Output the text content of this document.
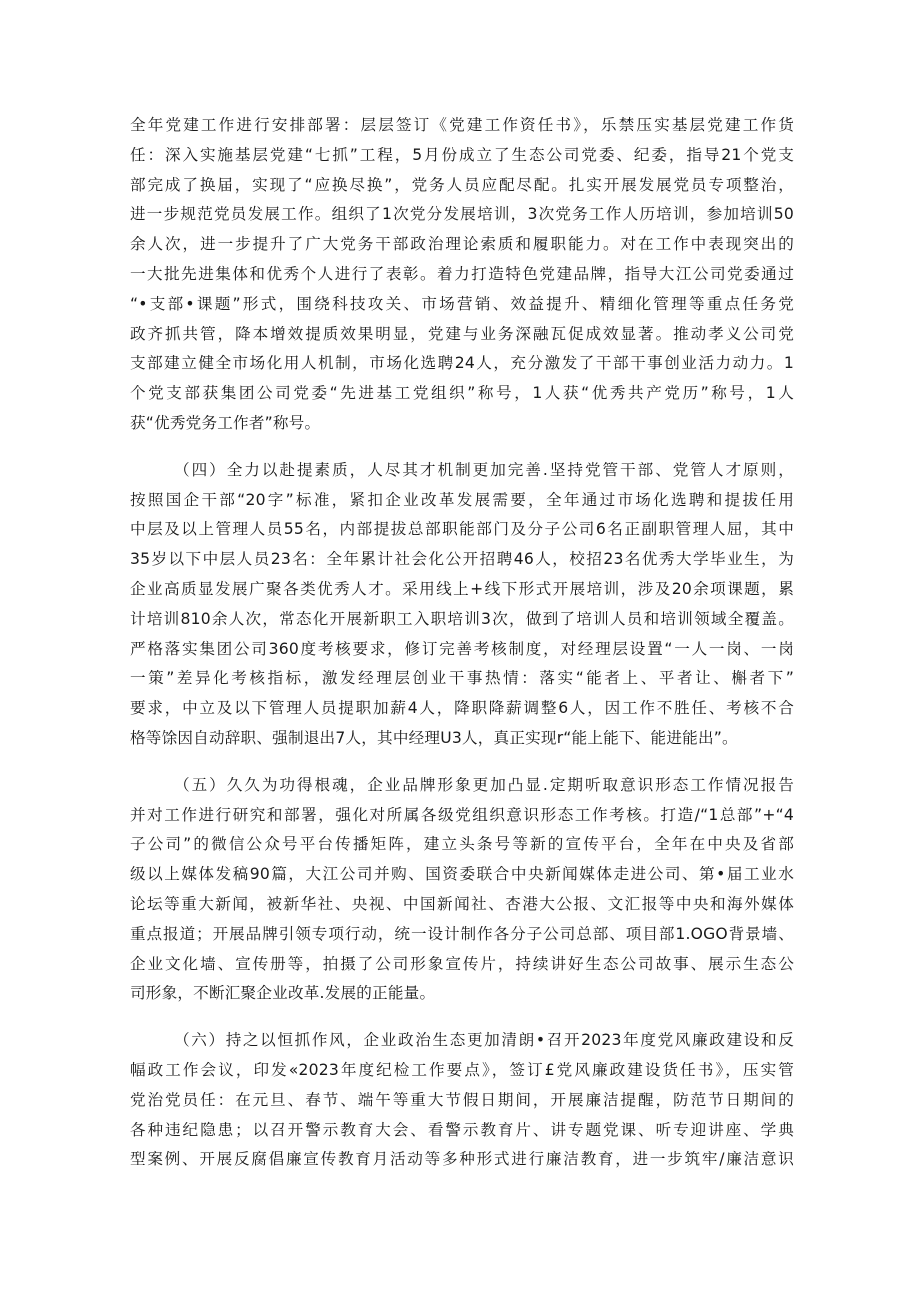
全年党建工作进行安排部署：层层签订《党建工作资任书》，乐禁压实基层党建工作货
任：深入实施基层党建“七抓”工程，5月份成立了生态公司党委、纪委，指导21个党支
部完成了换届，实现了“应换尽换”，党务人员应配尽配。扎实开展发展党员专项整治，
进一步规范党员发展工作。组织了1次党分发展培训，3次党务工作人历培训，参加培训50
余人次，进一步提升了广大党务干部政治理论索质和履职能力。对在工作中表现突出的
一大批先进集体和优秀个人进行了表彰。着力打造特色党建品牌，指导大江公司党委通过
“•支部•课题”形式，围绕科技攻关、市场营销、效益提升、精细化管理等重点任务党
政齐抓共管，降本增效提质效果明显，党建与业务深融瓦促成效显著。推动孝义公司党
支部建立健全市场化用人机制，市场化选聘24人，充分激发了干部干事创业活力动力。1
个党支部获集团公司党委“先进基工党组织”称号，1人获“优秀共产党历”称号，1人
获“优秀党务工作者”称号。
（四）全力以赴提素质，人尽其才机制更加完善.坚持党管干部、党管人才原则，
按照国企干部“20字”标准，紧扣企业改革发展需要，全年通过市场化选聘和提拔任用
中层及以上管理人员55名，内部提拔总部职能部门及分子公司6名正副职管理人屈，其中
35岁以下中层人员23名：全年累计社会化公开招聘46人，校招23名优秀大学毕业生，为
企业高质显发展广聚各类优秀人才。采用线上+线下形式开展培训，涉及20余项课题，累
计培训810余人次，常态化开展新职工入职培训3次，做到了培训人员和培训领域全覆盖。
严格落实集团公司360度考核要求，修订完善考核制度，对经理层设置“一人一岗、一岗
一策”差异化考核指标，激发经理层创业干事热情：落实“能者上、平者让、槲者下”
要求，中立及以下管理人员提职加薪4人，降职降薪调整6人，因工作不胜任、考核不合
格等馀因自动辞职、强制退出7人，其中经理U3人，真正实现r“能上能下、能进能出”。
（五）久久为功得根魂，企业品牌形象更加凸显.定期听取意识形态工作情况报告
并对工作进行研究和部署，强化对所属各级党组织意识形态工作考核。打造/“1总部”+“4
子公司”的微信公众号平台传播矩阵，建立头条号等新的宣传平台，全年在中央及省部
级以上媒体发稿90篇，大江公司并购、国资委联合中央新闻媒体走进公司、第•届工业水
论坛等重大新闻，被新华社、央视、中国新闻社、杏港大公报、文汇报等中央和海外媒体
重点报道；开展品牌引领专项行动，统一设计制作各分子公司总部、项目部1.OGO背景墙、
企业文化墙、宣传册等，拍摄了公司形象宣传片，持续讲好生态公司故事、展示生态公
司形象，不断汇聚企业改革.发展的正能量。
（六）持之以恒抓作风，企业政治生态更加清朗•召开2023年度党风廉政建设和反
幅政工作会议，印发«2023年度纪检工作要点》，签订£党风廉政建设货任书》，压实管
党治党员任：在元旦、春节、端午等重大节假日期间，开展廉洁提醒，防范节日期间的
各种违纪隐患；以召开警示教育大会、看警示教育片、讲专题党课、听专迎讲座、学典
型案例、开展反腐倡廉宣传教育月活动等多种形式进行廉洁教育，进一步筑牢/廉洁意识
